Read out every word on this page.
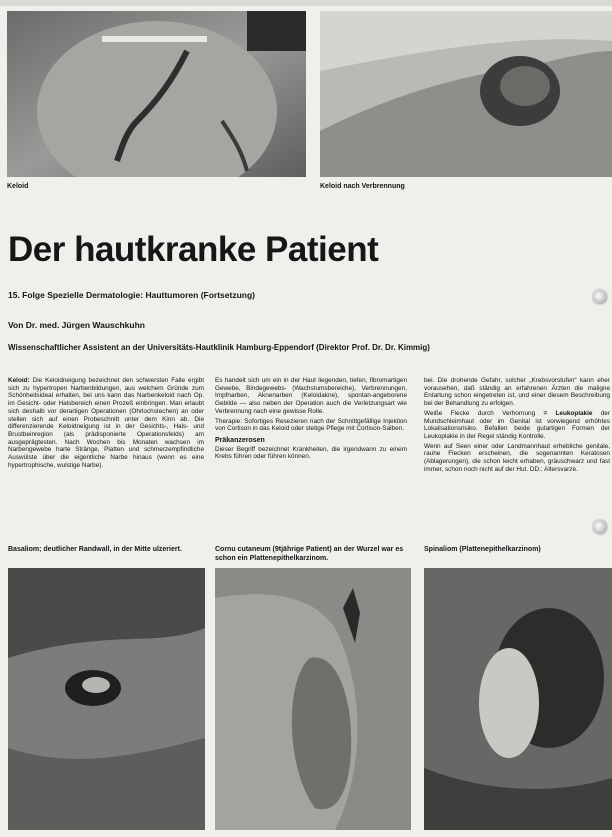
Keloid	Keloid nach Verbrennung

Der hautkranke Patient

15. Folge Spezielle Dermatologie: Hauttumoren (Fortsetzung)

Von Dr. med. Jürgen Wauschkuhn

Wissenschaftlicher Assistent an der Universitäts-Hautklinik Hamburg-Eppendorf (Direktor Prof. Dr. Dr. Kimmig)

Keloid: Die Keloidneigung bezeichnet den schwersten Falle ergibt sich zu hypertropen Narbenbildungen, aus welchem Gründe zum Schönheitsideal erhalten, bei uns kann das Narbenkeloid nach Op. im Gesicht- oder Halsbereich einen Prozeß einbringen. Man erlaubt sich deshalb vor derartigen Operationen (Ohrlochstechen) an oder stellen sich auf einen Probeschnitt unter dem Kinn ab. Die differenzierende Keloidneigung ist in der Gesichts-, Hals- und Brustbeinregion (als prädisponierte Operationsfelds) am ausgeprägtesten. Nach Wochen bis Monaten wachsen im Narbengewebe harte Stränge, Platten und schmerzempfindliche Auswülste über die eigentliche Narbe hinaus (wenn es eine hypertrophische, wulstige Narbe).

Es handelt sich um ein in der Haut liegenden, tiefen, fibromartigen Gewebe, Bindegewebs- (Wachstumsbereiche), Verbrennungen, Impfnarben, Aknenarben (Keloidakne), spontan-angeborene Gebilde — also neben der Operation auch die Verletzungsart wie Verbrennung nach eine gewisse Rolle.

Therapie: Sofortiges Resezieren nach der Schnittgefällige Injektion von Cortison in das Keloid oder stetige Pflege mit Cortison-Salben.

Präkanzerosen

Dieser Begriff bezeichnet Krankheiten, die irgendwann zu einem Krebs führen oder führen können.

bei. Die drohende Gefahr, solcher „Krebsvorstufen“ kann eher vorausehen, daß ständig an erfahrenen Ärzten die maligne Entartung schon eingetreten ist, und einer diesem Beschreibung bei der Behandlung zu erfolgen.

Weiße Flecke durch Verhornung = Leukoplakie der Mundschleimhaut oder im Genital ist vorwiegend erhöhtes Lokalisationsrisiko. Befallen beide gutartigen Formen der Leukoplakie in der Regel ständig Kontrolle.

Wenn auf Seen einer oder Landmannhaut erhebliche genitale, rauhe Flecken erscheinen, die sogenannten Keratosen (Ablagerungen), die schon leicht erhaben, gräuschwarz und fast immer, schon noch nicht auf der Hut. DD.: Altersvarze.

Basaliom; deutlicher Randwall, in der Mitte ulzeriert.	Cornu cutaneum (9tjährige Patient) an der Wurzel war es schon ein Plattenepithelkarzinom.

Spinaliom (Plattenepithelkarzinom)
